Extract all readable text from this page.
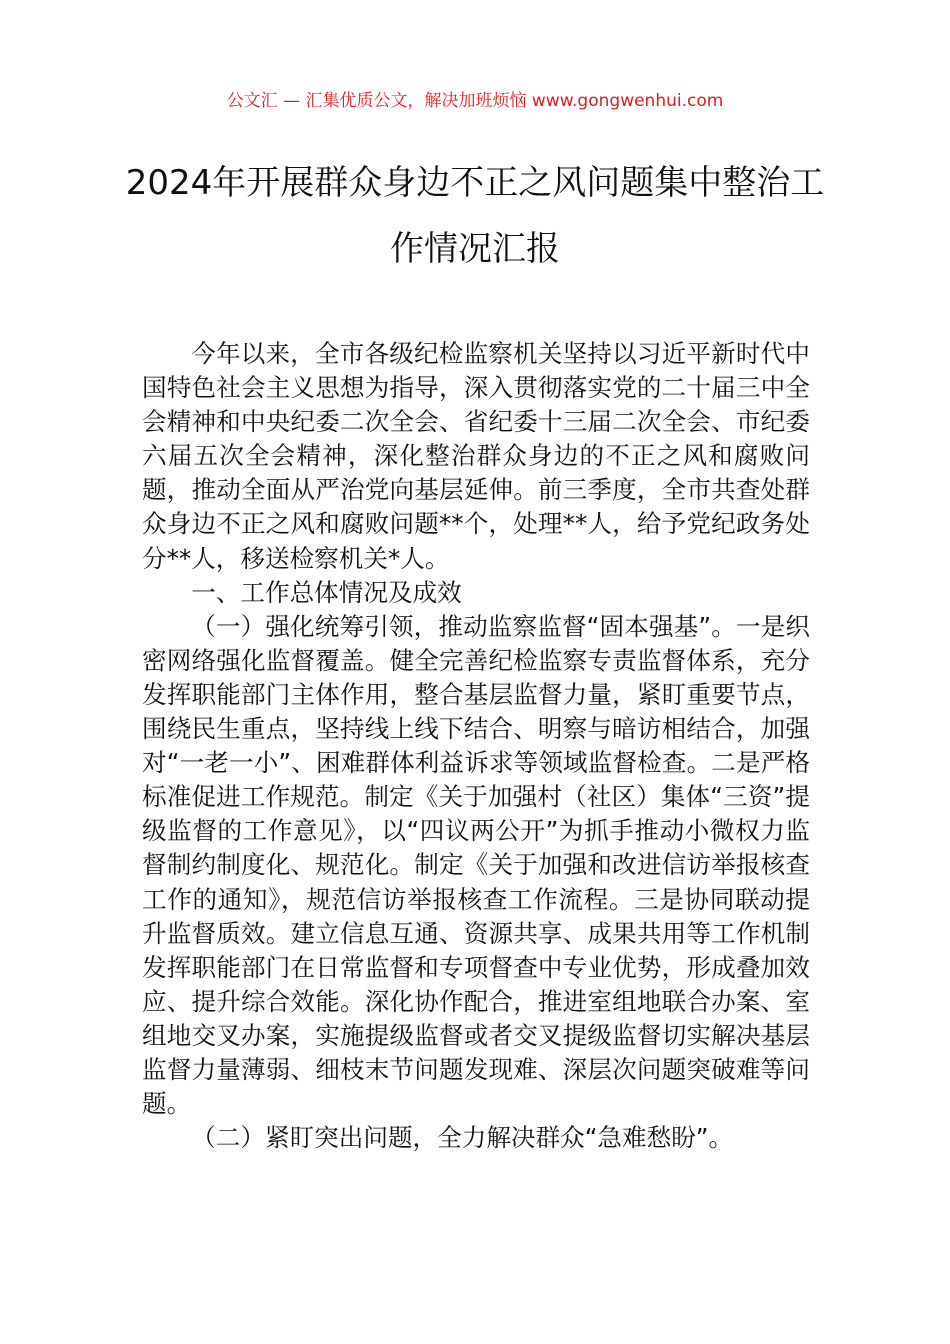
公文汇 — 汇集优质公文，解决加班烦恼 www.gongwenhui.com
2024年开展群众身边不正之风问题集中整治工作情况汇报

今年以来，全市各级纪检监察机关坚持以习近平新时代中国特色社会主义思想为指导，深入贯彻落实党的二十届三中全会精神和中央纪委二次全会、省纪委十三届二次全会、市纪委六届五次全会精神，深化整治群众身边的不正之风和腐败问题，推动全面从严治党向基层延伸。前三季度，全市共查处群众身边不正之风和腐败问题**个，处理**人，给予党纪政务处分**人，移送检察机关*人。

一、工作总体情况及成效

（一）强化统筹引领，推动监察监督“固本强基”。一是织密网络强化监督覆盖。健全完善纪检监察专责监督体系，充分发挥职能部门主体作用，整合基层监督力量，紧盯重要节点，围绕民生重点，坚持线上线下结合、明察与暗访相结合，加强对“一老一小”、困难群体利益诉求等领域监督检查。二是严格标准促进工作规范。制定《关于加强村（社区）集体“三资”提级监督的工作意见》，以“四议两公开”为抓手推动小微权力监督制约制度化、规范化。制定《关于加强和改进信访举报核查工作的通知》，规范信访举报核查工作流程。三是协同联动提升监督质效。建立信息互通、资源共享、成果共用等工作机制发挥职能部门在日常监督和专项督查中专业优势，形成叠加效应、提升综合效能。深化协作配合，推进室组地联合办案、室组地交叉办案，实施提级监督或者交叉提级监督切实解决基层监督力量薄弱、细枝末节问题发现难、深层次问题突破难等问题。

（二）紧盯突出问题，全力解决群众“急难愁盼”。
